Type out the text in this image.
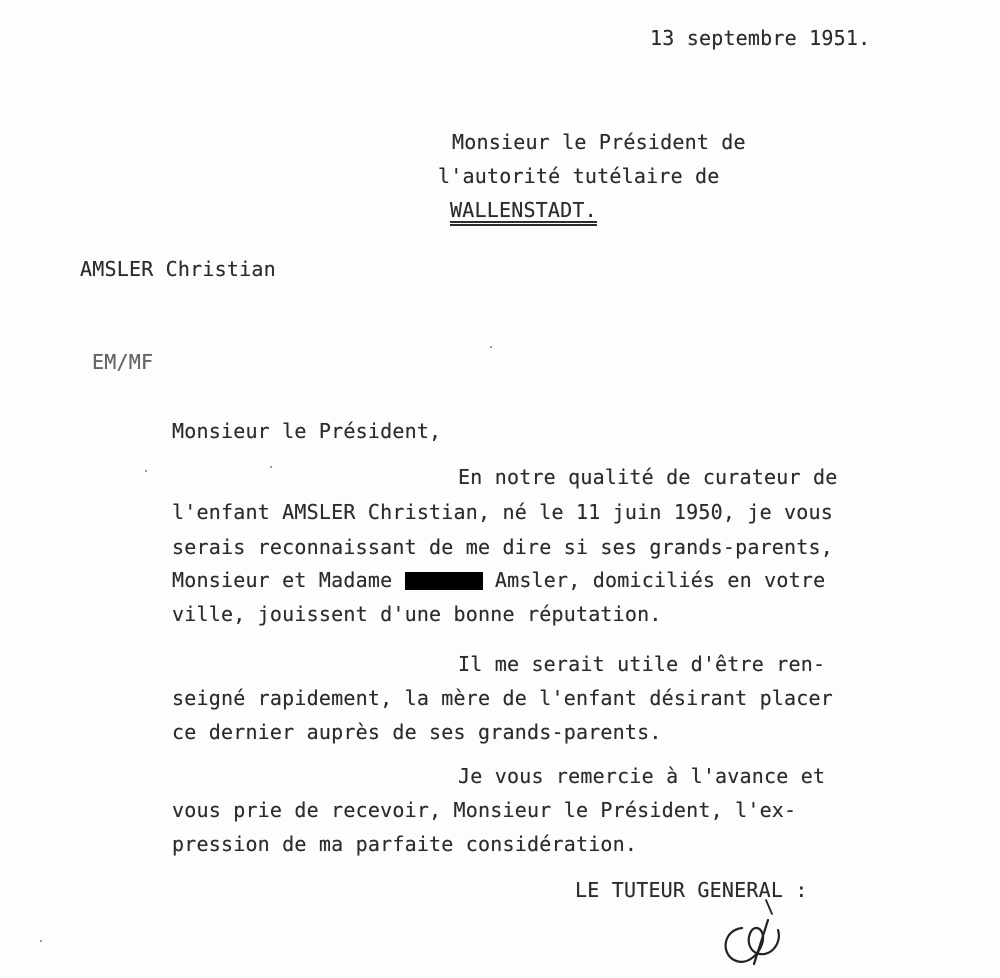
13 septembre 1951.
Monsieur le Président de
l'autorité tutélaire de
WALLENSTADT.
AMSLER Christian
EM/MF
Monsieur le Président,
En notre qualité de curateur de
l'enfant AMSLER Christian, né le 11 juin 1950, je vous
serais reconnaissant de me dire si ses grands-parents,
Monsieur et Madame	Amsler, domiciliés en votre
ville, jouissent d'une bonne réputation.
Il me serait utile d'être ren-
seigné rapidement, la mère de l'enfant désirant placer
ce dernier auprès de ses grands-parents.
Je vous remercie à l'avance et
vous prie de recevoir, Monsieur le Président, l'ex-
pression de ma parfaite considération.
LE TUTEUR GENERAL :
